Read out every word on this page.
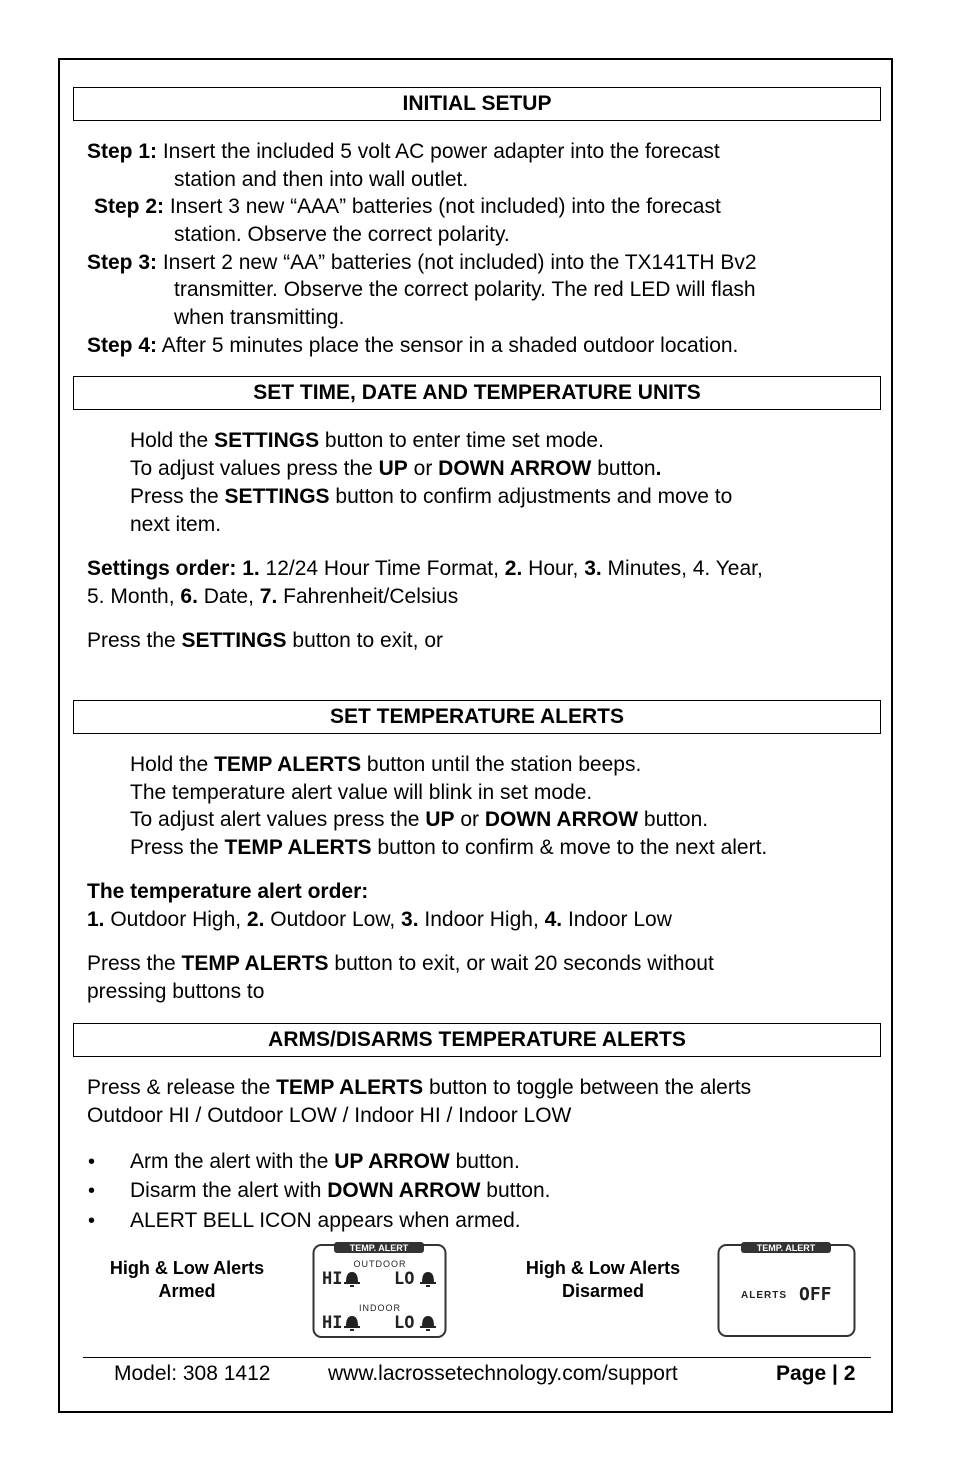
INITIAL SETUP
Step 1: Insert the included 5 volt AC power adapter into the forecast
station and then into wall outlet.
Step 2: Insert 3 new “AAA” batteries (not included) into the forecast
station. Observe the correct polarity.
Step 3: Insert 2 new “AA” batteries (not included) into the TX141TH Bv2
transmitter. Observe the correct polarity. The red LED will flash
when transmitting.
Step 4: After 5 minutes place the sensor in a shaded outdoor location.
SET TIME, DATE AND TEMPERATURE UNITS
Hold the SETTINGS button to enter time set mode.
To adjust values press the UP or DOWN ARROW button.
Press the SETTINGS button to confirm adjustments and move to
next item.
Settings order: 1. 12/24 Hour Time Format, 2. Hour, 3. Minutes, 4. Year,
5. Month, 6. Date, 7. Fahrenheit/Celsius
Press the SETTINGS button to exit, or
SET TEMPERATURE ALERTS
Hold the TEMP ALERTS button until the station beeps.
The temperature alert value will blink in set mode.
To adjust alert values press the UP or DOWN ARROW button.
Press the TEMP ALERTS button to confirm & move to the next alert.
The temperature alert order:
1. Outdoor High, 2. Outdoor Low, 3. Indoor High, 4. Indoor Low
Press the TEMP ALERTS button to exit, or wait 20 seconds without
pressing buttons to
ARMS/DISARMS TEMPERATURE ALERTS
Press & release the TEMP ALERTS button to toggle between the alerts
Outdoor HI / Outdoor LOW / Indoor HI / Indoor LOW
• Arm the alert with the UP ARROW button.
• Disarm the alert with DOWN ARROW button.
• ALERT BELL ICON appears when armed.
High & Low Alerts
Armed
TEMP. ALERT
OUTDOOR
HI	LO
INDOOR
HI	LO
High & Low Alerts
Disarmed
TEMP. ALERT
ALERTS OFF
Model: 308 1412	www.lacrossetechnology.com/support	Page | 2
